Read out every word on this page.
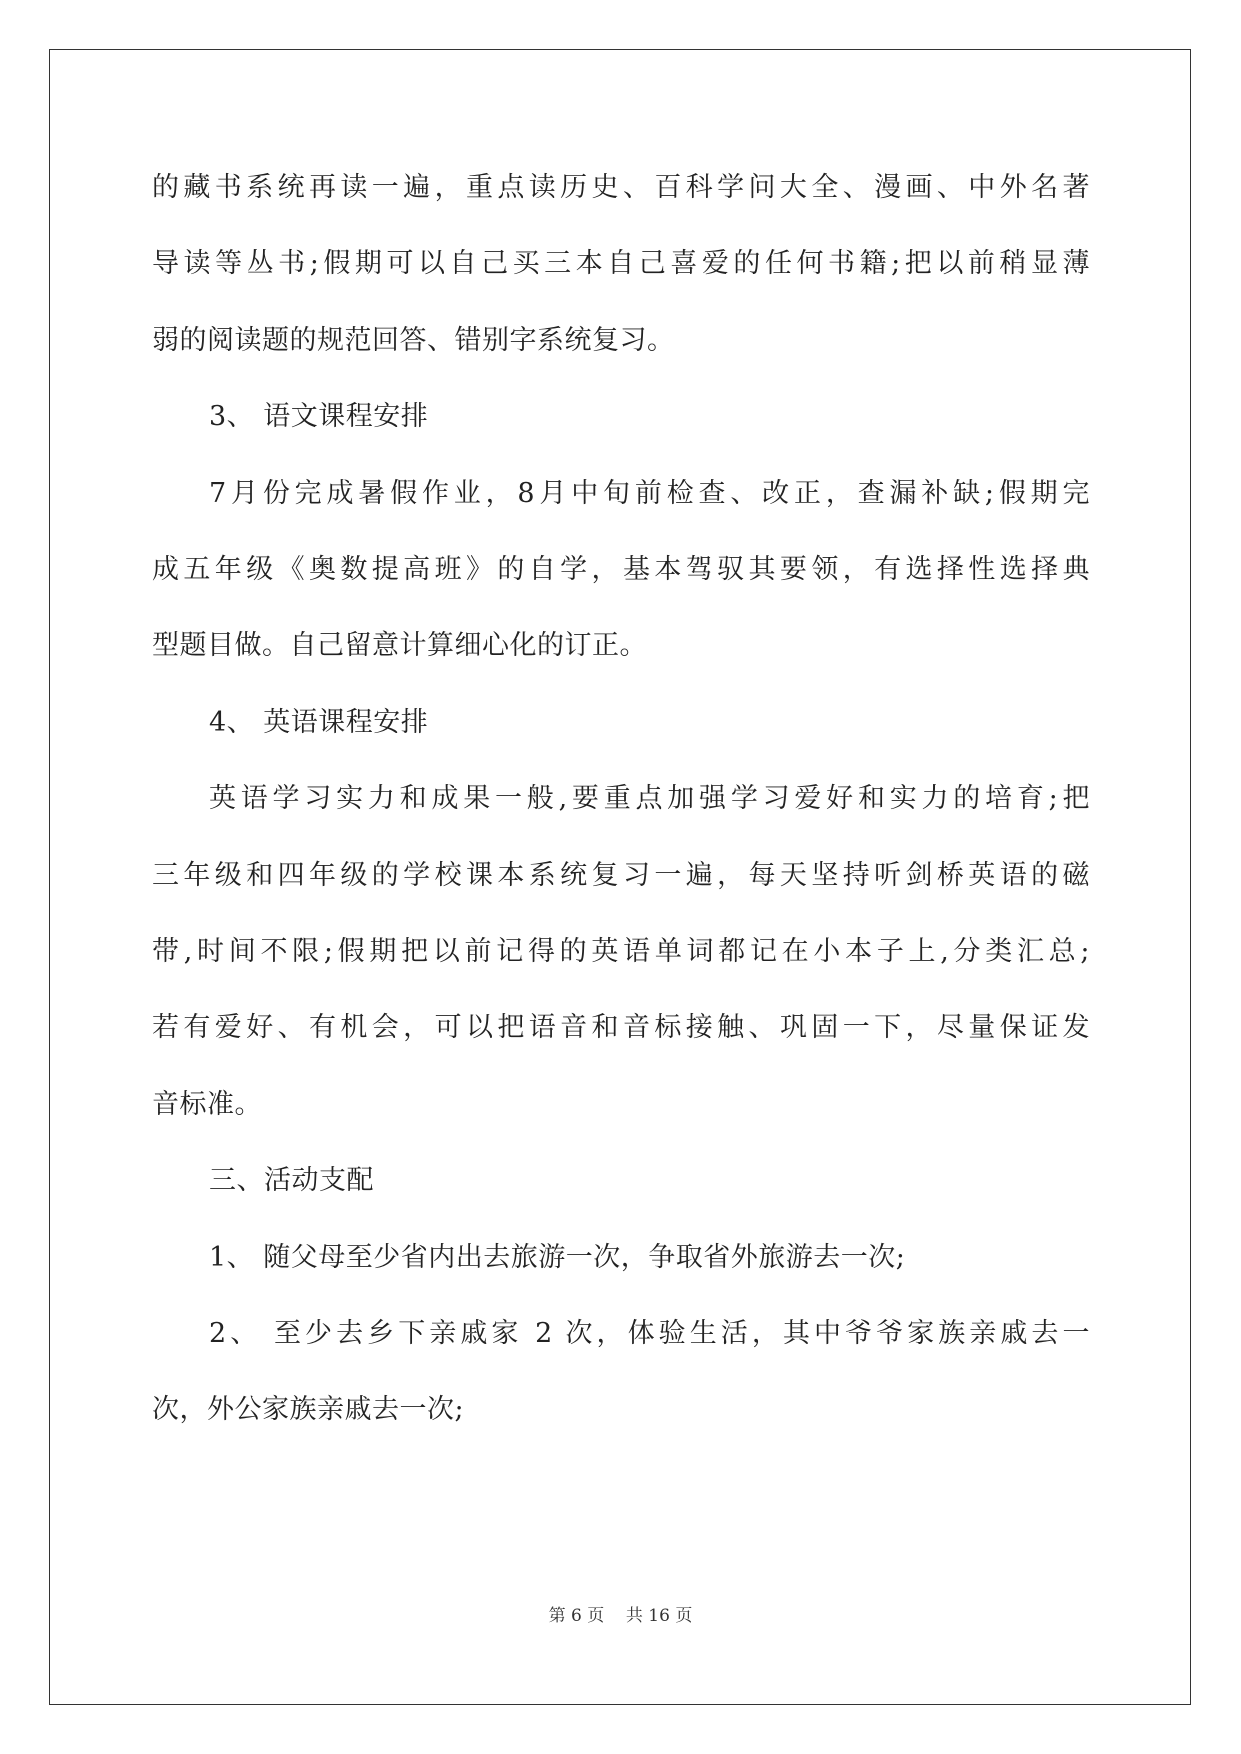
的藏书系统再读一遍，重点读历史、百科学问大全、漫画、中外名著
导读等丛书;假期可以自己买三本自己喜爱的任何书籍;把以前稍显薄
弱的阅读题的规范回答、错别字系统复习。
3、 语文课程安排
7月份完成暑假作业，8月中旬前检查、改正，查漏补缺;假期完
成五年级《奥数提高班》的自学，基本驾驭其要领，有选择性选择典
型题目做。自己留意计算细心化的订正。
4、 英语课程安排
英语学习实力和成果一般,要重点加强学习爱好和实力的培育;把
三年级和四年级的学校课本系统复习一遍，每天坚持听剑桥英语的磁
带,时间不限;假期把以前记得的英语单词都记在小本子上,分类汇总;
若有爱好、有机会，可以把语音和音标接触、巩固一下，尽量保证发
音标准。
三、活动支配
1、 随父母至少省内出去旅游一次，争取省外旅游去一次;
2、 至少去乡下亲戚家 2 次，体验生活，其中爷爷家族亲戚去一
次，外公家族亲戚去一次;
第 6 页 共 16 页
